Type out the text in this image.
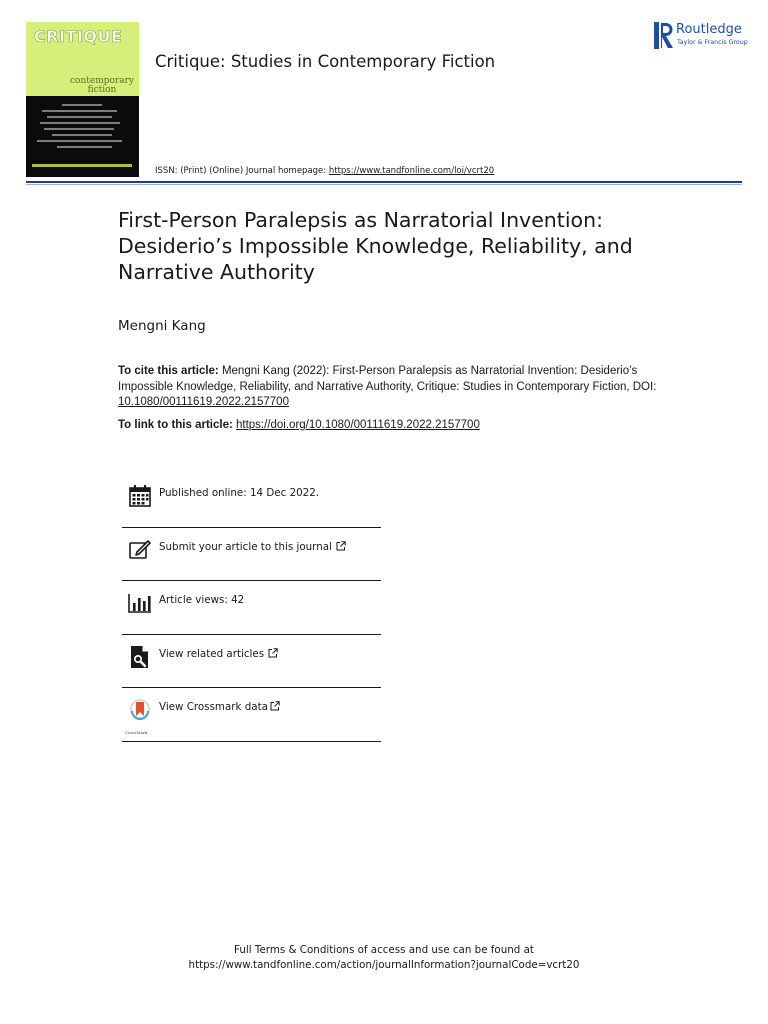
CRITIQUE
contemporary
fiction
Critique: Studies in Contemporary Fiction
ISSN: (Print) (Online) Journal homepage: https://www.tandfonline.com/loi/vcrt20
Routledge
Taylor & Francis Group
First-Person Paralepsis as Narratorial Invention: Desiderio’s Impossible Knowledge, Reliability, and Narrative Authority
Mengni Kang
To cite this article: Mengni Kang (2022): First-Person Paralepsis as Narratorial Invention: Desiderio’s Impossible Knowledge, Reliability, and Narrative Authority, Critique: Studies in Contemporary Fiction, DOI: 10.1080/00111619.2022.2157700
To link to this article: https://doi.org/10.1080/00111619.2022.2157700
Published online: 14 Dec 2022.
Submit your article to this journal
Article views: 42
View related articles
CrossMark
View Crossmark data
Full Terms & Conditions of access and use can be found at
https://www.tandfonline.com/action/journalInformation?journalCode=vcrt20
